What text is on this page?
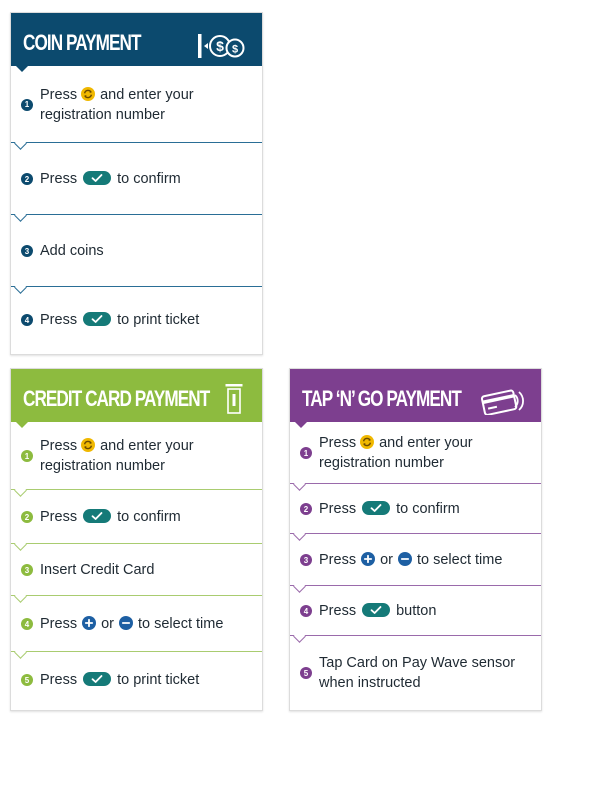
COIN PAYMENT	$ $
1
Press and enter your
registration number
2 Press	to confirm
3 Add coins
4 Press	to print ticket
CREDIT CARD PAYMENT
1
Press and enter your
registration number
2 Press	to confirm
3 Insert Credit Card
4 Press or to select time
5 Press	to print ticket
TAP ‘N’ GO PAYMENT
1
Press and enter your
registration number
2 Press	to confirm
3 Press or to select time
4 Press	button
5
Tap Card on Pay Wave sensor
when instructed
